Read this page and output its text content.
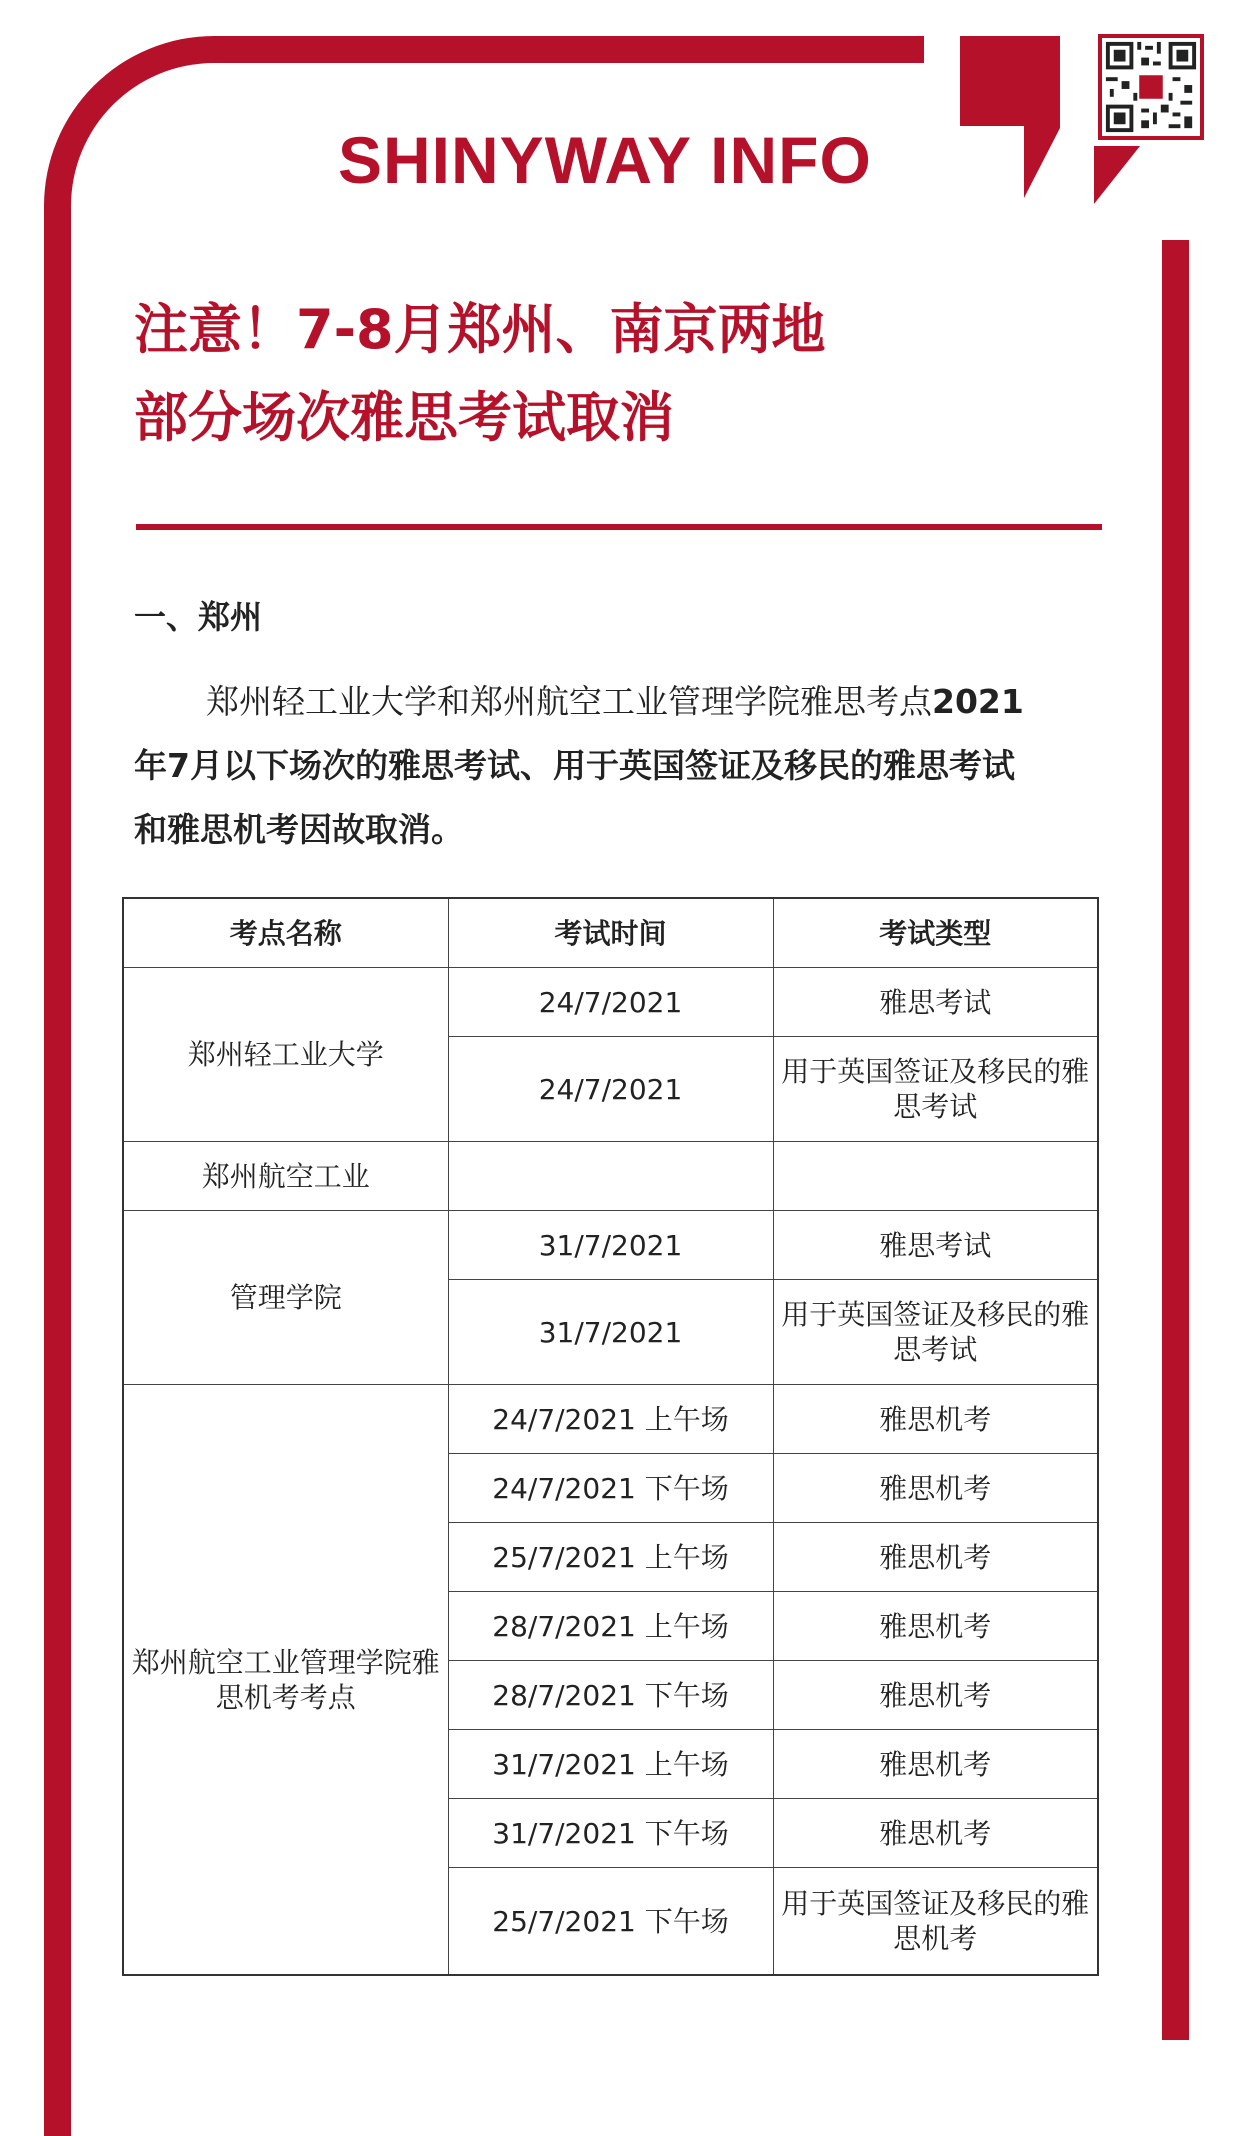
SHINYWAY INFO
注意！7-8月郑州、南京两地
部分场次雅思考试取消
一、郑州
郑州轻工业大学和郑州航空工业管理学院雅思考点2021
年7月以下场次的雅思考试、用于英国签证及移民的雅思考试
和雅思机考因故取消。
考点名称	考试时间	考试类型
郑州轻工业大学	24/7/2021	雅思考试
	24/7/2021	用于英国签证及移民的雅思考试
郑州航空工业		
管理学院	31/7/2021	雅思考试
	31/7/2021	用于英国签证及移民的雅思考试
郑州航空工业管理学院雅思机考考点	24/7/2021 上午场	雅思机考
	24/7/2021 下午场	雅思机考
	25/7/2021 上午场	雅思机考
	28/7/2021 上午场	雅思机考
	28/7/2021 下午场	雅思机考
	31/7/2021 上午场	雅思机考
	31/7/2021 下午场	雅思机考
	25/7/2021 下午场	用于英国签证及移民的雅思机考
